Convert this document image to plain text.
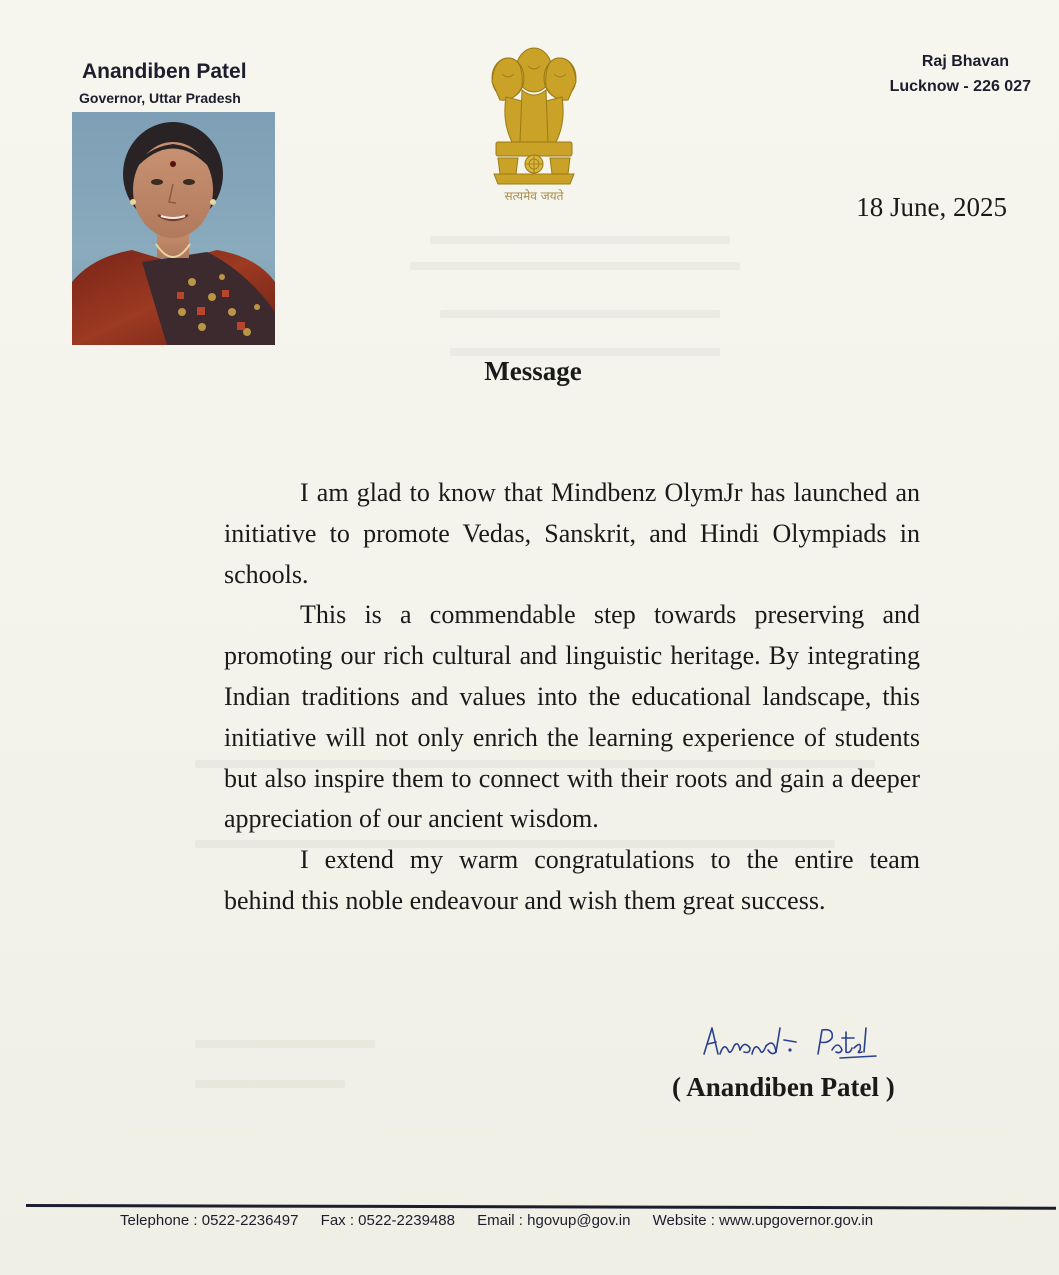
Anandiben Patel
Governor, Uttar Pradesh
सत्यमेव जयते
Raj Bhavan
Lucknow - 226 027
18 June, 2025
Message

I am glad to know that Mindbenz OlymJr has launched an initiative to promote Vedas, Sanskrit, and Hindi Olympiads in schools.

This is a commendable step towards preserving and promoting our rich cultural and linguistic heritage. By integrating Indian traditions and values into the educational landscape, this initiative will not only enrich the learning experience of students but also inspire them to connect with their roots and gain a deeper appreciation of our ancient wisdom.

I extend my warm congratulations to the entire team behind this noble endeavour and wish them great success.

( Anandiben Patel )
Telephone : 0522-2236497 Fax : 0522-2239488 Email : hgovup@gov.in Website : www.upgovernor.gov.in
